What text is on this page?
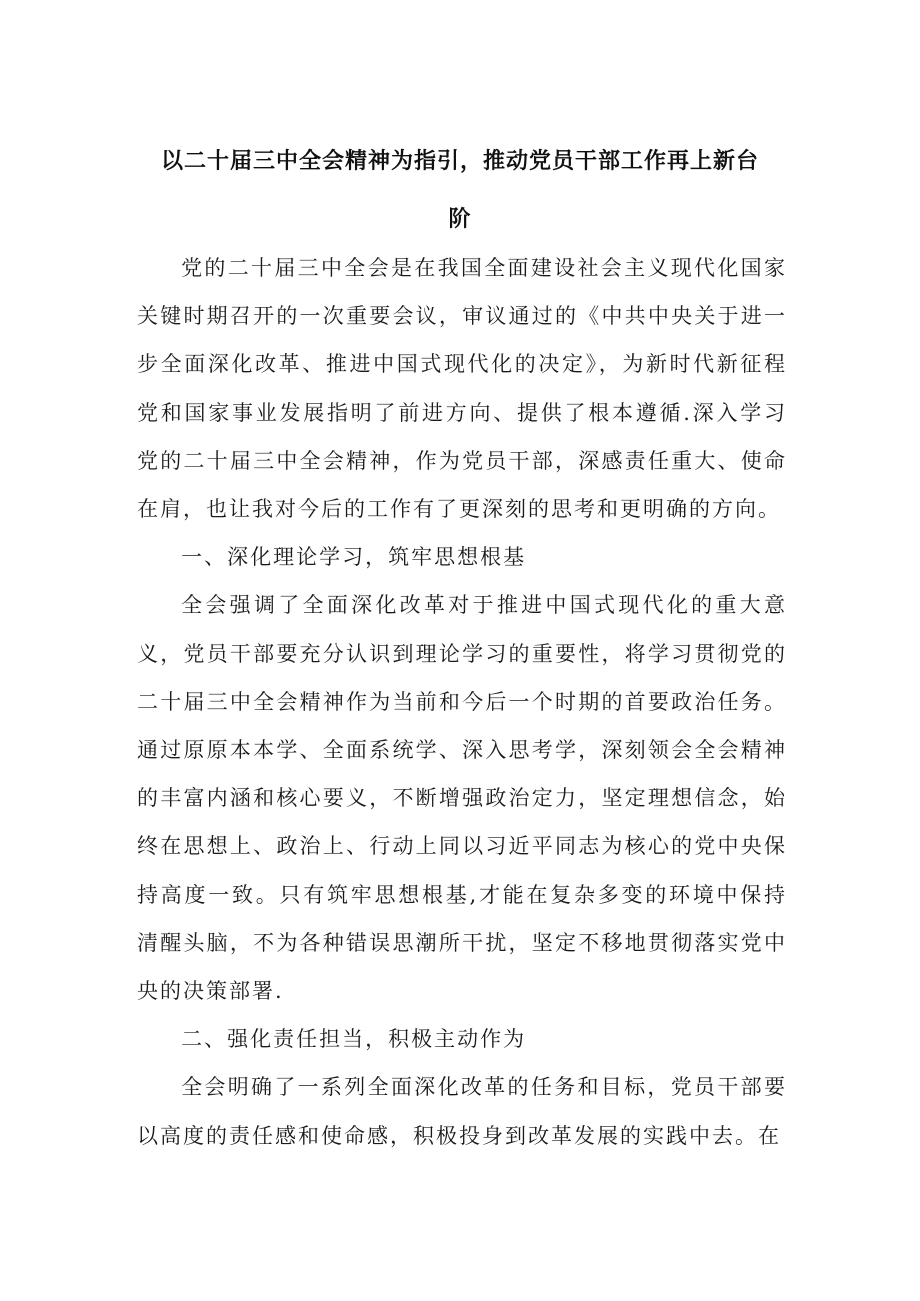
以二十届三中全会精神为指引，推动党员干部工作再上新台
阶

党的二十届三中全会是在我国全面建设社会主义现代化国家关键时期召开的一次重要会议，审议通过的《中共中央关于进一步全面深化改革、推进中国式现代化的决定》，为新时代新征程党和国家事业发展指明了前进方向、提供了根本遵循.深入学习党的二十届三中全会精神，作为党员干部，深感责任重大、使命在肩，也让我对今后的工作有了更深刻的思考和更明确的方向。

一、深化理论学习，筑牢思想根基

全会强调了全面深化改革对于推进中国式现代化的重大意义，党员干部要充分认识到理论学习的重要性，将学习贯彻党的二十届三中全会精神作为当前和今后一个时期的首要政治任务。通过原原本本学、全面系统学、深入思考学，深刻领会全会精神的丰富内涵和核心要义，不断增强政治定力，坚定理想信念，始终在思想上、政治上、行动上同以习近平同志为核心的党中央保持高度一致。只有筑牢思想根基,才能在复杂多变的环境中保持清醒头脑，不为各种错误思潮所干扰，坚定不移地贯彻落实党中央的决策部署.

二、强化责任担当，积极主动作为

全会明确了一系列全面深化改革的任务和目标，党员干部要以高度的责任感和使命感，积极投身到改革发展的实践中去。在
